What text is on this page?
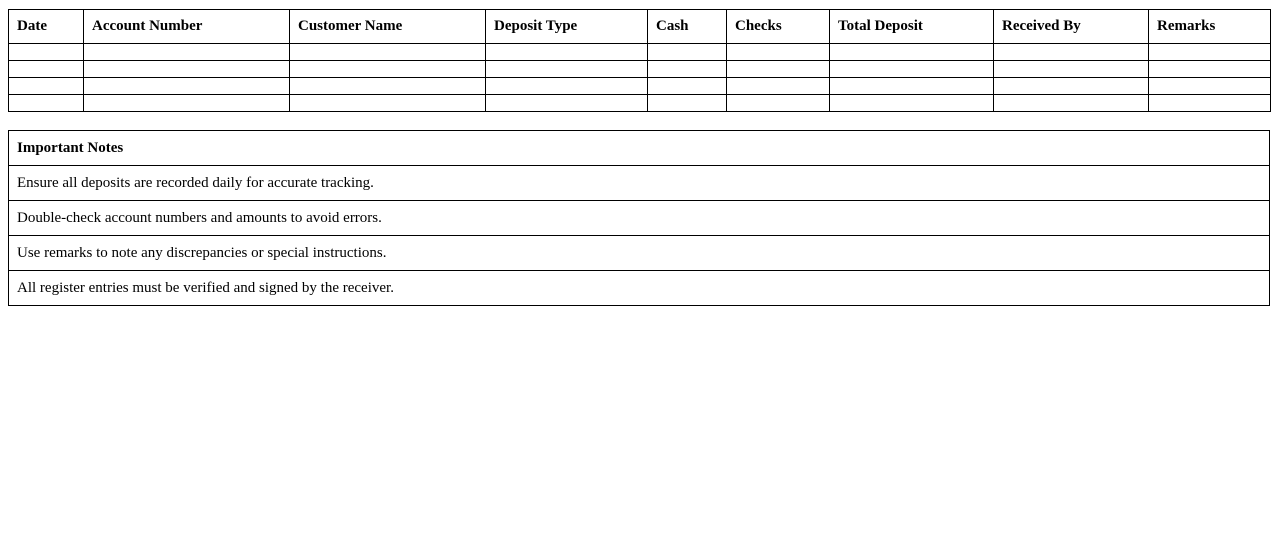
Date	Account Number	Customer Name	Deposit Type	Cash	Checks	Total Deposit	Received By	Remarks

Important Notes
Ensure all deposits are recorded daily for accurate tracking.
Double-check account numbers and amounts to avoid errors.
Use remarks to note any discrepancies or special instructions.
All register entries must be verified and signed by the receiver.
